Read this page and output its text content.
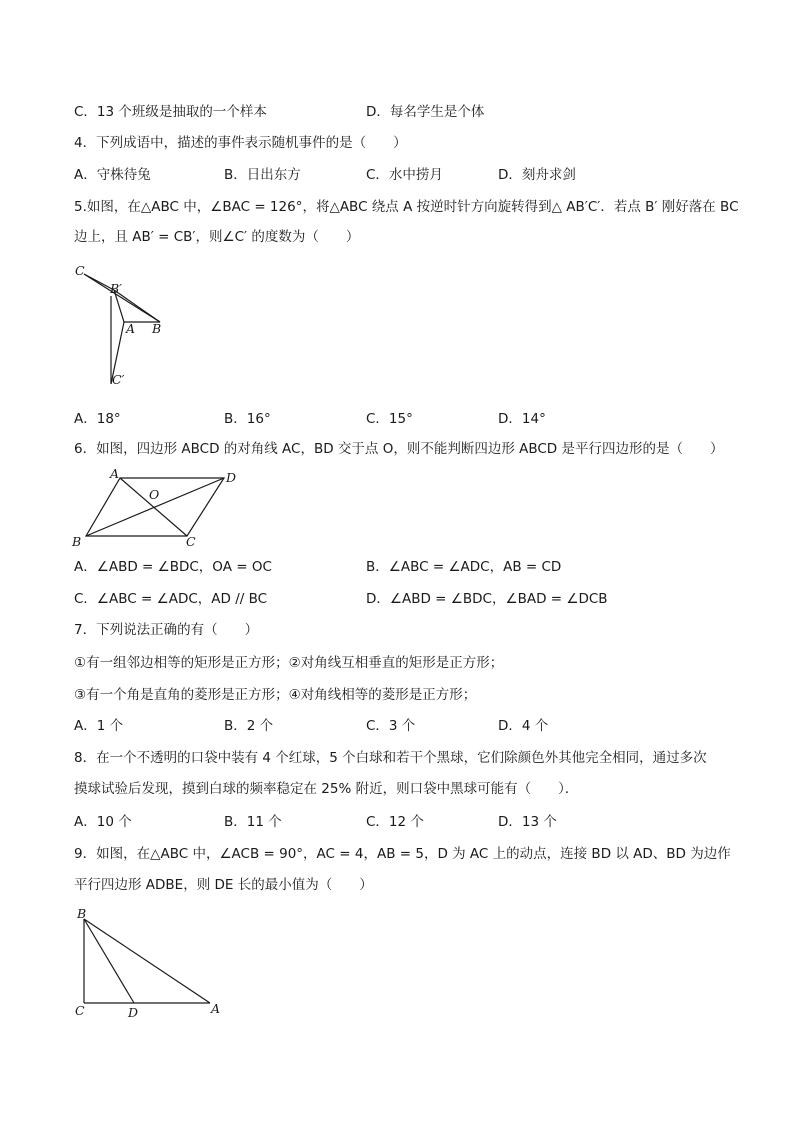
C．13 个班级是抽取的一个样本	D．每名学生是个体
4．下列成语中，描述的事件表示随机事件的是（　　）
A．守株待兔	B．日出东方	C．水中捞月	D．刻舟求剑
5.如图，在△ABC 中，∠BAC = 126°，将△ABC 绕点 A 按逆时针方向旋转得到△ AB′C′．若点 B′ 刚好落在 BC
边上，且 AB′ = CB′，则∠C′ 的度数为（　　）
C
B′
A B
C′
A．18°	B．16°	C．15°	D．14°
6．如图，四边形 ABCD 的对角线 AC，BD 交于点 O，则不能判断四边形 ABCD 是平行四边形的是（　　）
A	D
O
B	C
A．∠ABD = ∠BDC，OA = OC	B．∠ABC = ∠ADC，AB = CD
C．∠ABC = ∠ADC，AD // BC	D．∠ABD = ∠BDC，∠BAD = ∠DCB
7．下列说法正确的有（　　）
①有一组邻边相等的矩形是正方形；②对角线互相垂直的矩形是正方形；
③有一个角是直角的菱形是正方形；④对角线相等的菱形是正方形；
A．1 个	B．2 个	C．3 个	D．4 个
8．在一个不透明的口袋中装有 4 个红球，5 个白球和若干个黑球，它们除颜色外其他完全相同，通过多次
摸球试验后发现，摸到白球的频率稳定在 25% 附近，则口袋中黑球可能有（　　）．
A．10 个	B．11 个	C．12 个	D．13 个
9．如图，在△ABC 中，∠ACB = 90°，AC = 4，AB = 5，D 为 AC 上的动点，连接 BD 以 AD、BD 为边作
平行四边形 ADBE，则 DE 长的最小值为（　　）
B
C	D	A
